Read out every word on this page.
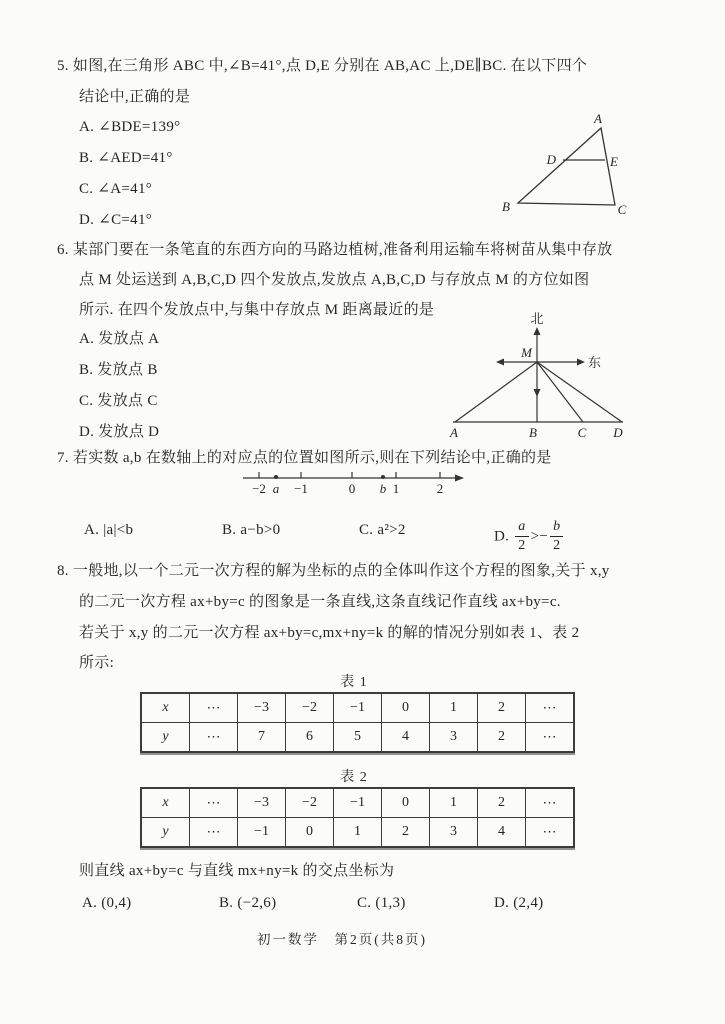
5. 如图,在三角形 ABC 中,∠B=41°,点 D,E 分别在 AB,AC 上,DE∥BC. 在以下四个
结论中,正确的是
A. ∠BDE=139°
B. ∠AED=41°
C. ∠A=41°
D. ∠C=41°
A
D	E
B	C
6. 某部门要在一条笔直的东西方向的马路边植树,准备利用运输车将树苗从集中存放
点 M 处运送到 A,B,C,D 四个发放点,发放点 A,B,C,D 与存放点 M 的方位如图
所示. 在四个发放点中,与集中存放点 M 距离最近的是
A. 发放点 A
B. 发放点 B
C. 发放点 C
D. 发放点 D
北
东
M
A	B	C D
7. 若实数 a,b 在数轴上的对应点的位置如图所示,则在下列结论中,正确的是
−2 a −1	0 b 1	2
A. |a|<b	B. a−b>0	C. a²>2	D. $\frac{a}{2} >- \frac{b}{2}$
8. 一般地,以一个二元一次方程的解为坐标的点的全体叫作这个方程的图象,关于 x,y
的二元一次方程 ax+by=c 的图象是一条直线,这条直线记作直线 ax+by=c.
若关于 x,y 的二元一次方程 ax+by=c,mx+ny=k 的解的情况分别如表 1、表 2
所示:
表 1
x	⋯	−3	−2	−1	0	1	2	⋯
y	⋯	7	6	5	4	3	2	⋯
表 2
x	⋯	−3	−2	−1	0	1	2	⋯
y	⋯	−1	0	1	2	3	4	⋯
则直线 ax+by=c 与直线 mx+ny=k 的交点坐标为
A. (0,4)	B. (−2,6)	C. (1,3)	D. (2,4)
初一数学　第2页(共8页)
